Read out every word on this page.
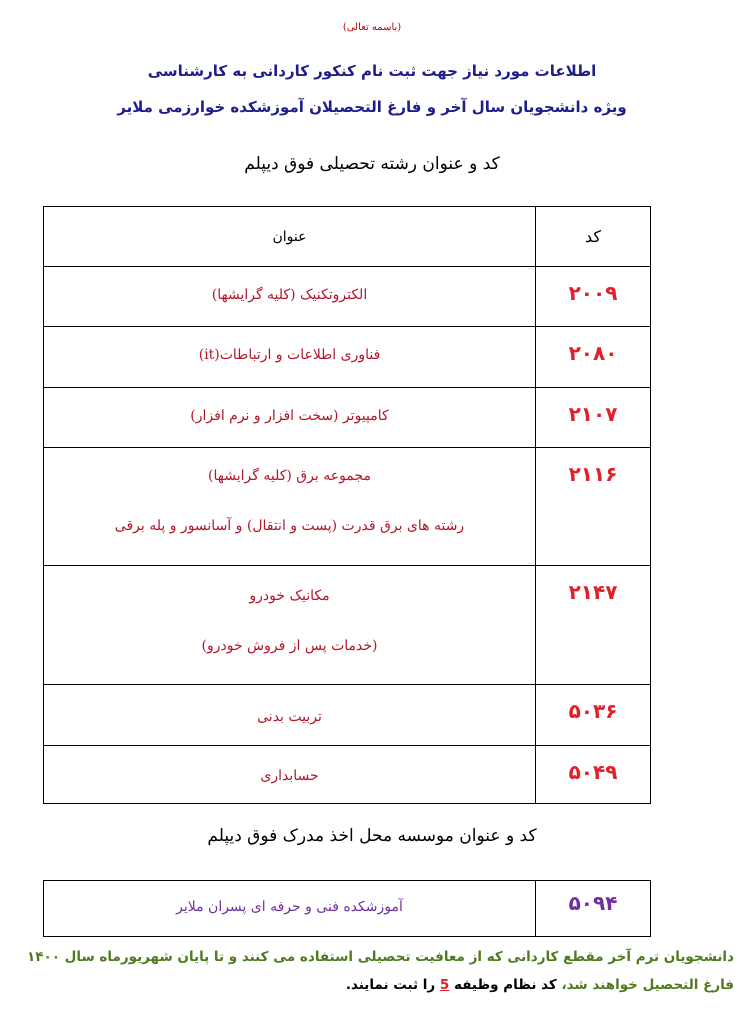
(باسمه تعالی)
اطلاعات مورد نیاز جهت ثبت نام کنکور کاردانی به کارشناسی
ویژه دانشجویان سال آخر و فارغ التحصیلان آموزشکده خوارزمی ملایر
کد و عنوان رشته تحصیلی فوق دیپلم
کد	عنوان
۲۰۰۹	الکتروتکنیک (کلیه گرایشها)

۲۰۸۰	فناوری اطلاعات و ارتباطات(it)

۲۱۰۷	کامپیوتر (سخت افزار و نرم افزار)

۲۱۱۶	مجموعه برق (کلیه گرایشها)
رشته های برق قدرت (پست و انتقال) و آسانسور و پله برقی

۲۱۴۷	مکانیک خودرو
(خدمات پس از فروش خودرو)

۵۰۳۶	تربیت بدنی

۵۰۴۹	حسابداری
کد و عنوان موسسه محل اخذ مدرک فوق دیپلم
۵۰۹۴	آموزشکده فنی و حرفه ای پسران ملایر
دانشجویان ترم آخر مقطع کاردانی که از معافیت تحصیلی استفاده می کنند و تا پایان شهریورماه سال ۱۴۰۰
فارغ التحصیل خواهند شد، کد نظام وظیفه 5 را ثبت نمایند.
